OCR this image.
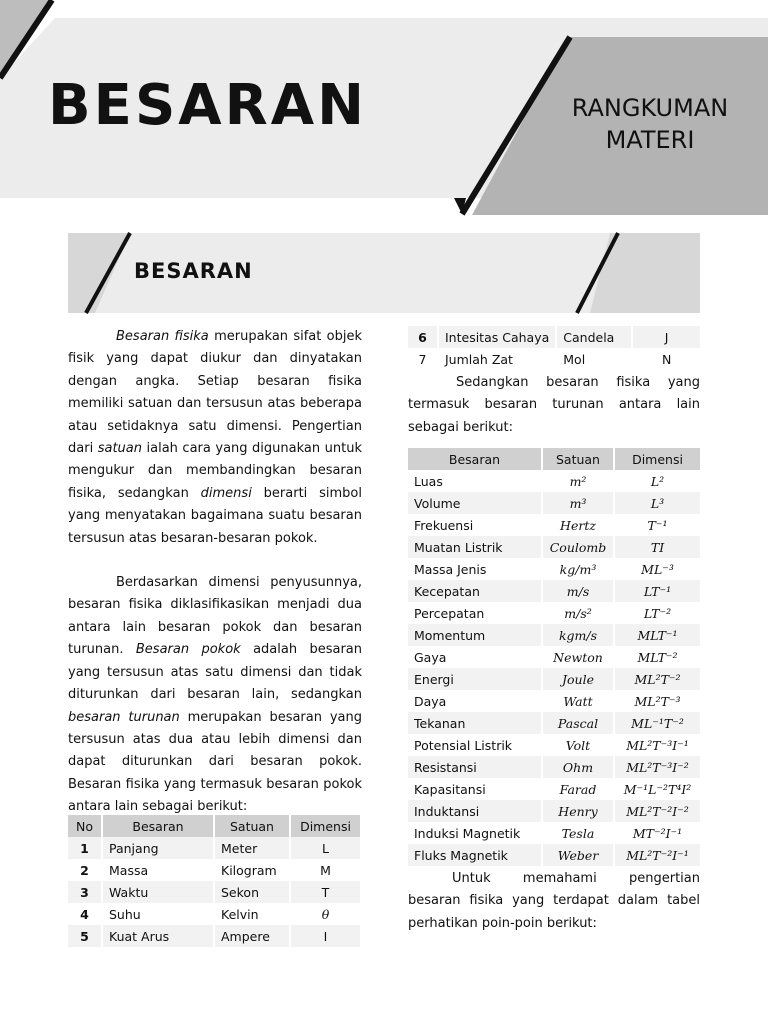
BESARAN	RANGKUMAN
MATERI
BESARAN

Besaran fisika merupakan sifat objek fisik yang dapat diukur dan dinyatakan dengan angka. Setiap besaran fisika memiliki satuan dan tersusun atas beberapa atau setidaknya satu dimensi. Pengertian dari satuan ialah cara yang digunakan untuk mengukur dan membandingkan besaran fisika, sedangkan dimensi berarti simbol yang menyatakan bagaimana suatu besaran tersusun atas besaran-besaran pokok.

Berdasarkan dimensi penyusunnya, besaran fisika diklasifikasikan menjadi dua antara lain besaran pokok dan besaran turunan. Besaran pokok adalah besaran yang tersusun atas satu dimensi dan tidak diturunkan dari besaran lain, sedangkan besaran turunan merupakan besaran yang tersusun atas dua atau lebih dimensi dan dapat diturunkan dari besaran pokok. Besaran fisika yang termasuk besaran pokok antara lain sebagai berikut:

No	Besaran	Satuan	Dimensi
1	Panjang	Meter	L
2	Massa	Kilogram	M
3	Waktu	Sekon	T
4	Suhu	Kelvin	θ
5	Kuat Arus	Ampere	I
6	Intesitas Cahaya	Candela	J
7	Jumlah Zat	Mol	N
Sedangkan besaran fisika yang termasuk besaran turunan antara lain sebagai berikut:
Besaran	Satuan	Dimensi
Luas	m²	L²
Volume	m³	L³
Frekuensi	Hertz	T⁻¹
Muatan Listrik	Coulomb	TI
Massa Jenis	kg/m³	ML⁻³
Kecepatan	m/s	LT⁻¹
Percepatan	m/s²	LT⁻²
Momentum	kgm/s	MLT⁻¹
Gaya	Newton	MLT⁻²
Energi	Joule	ML²T⁻²
Daya	Watt	ML²T⁻³
Tekanan	Pascal	ML⁻¹T⁻²
Potensial Listrik	Volt	ML²T⁻³I⁻¹
Resistansi	Ohm	ML²T⁻³I⁻²
Kapasitansi	Farad	M⁻¹L⁻²T⁴I²
Induktansi	Henry	ML²T⁻²I⁻²
Induksi Magnetik	Tesla	MT⁻²I⁻¹
Fluks Magnetik	Weber	ML²T⁻²I⁻¹
Untuk memahami pengertian besaran fisika yang terdapat dalam tabel perhatikan poin-poin berikut:
